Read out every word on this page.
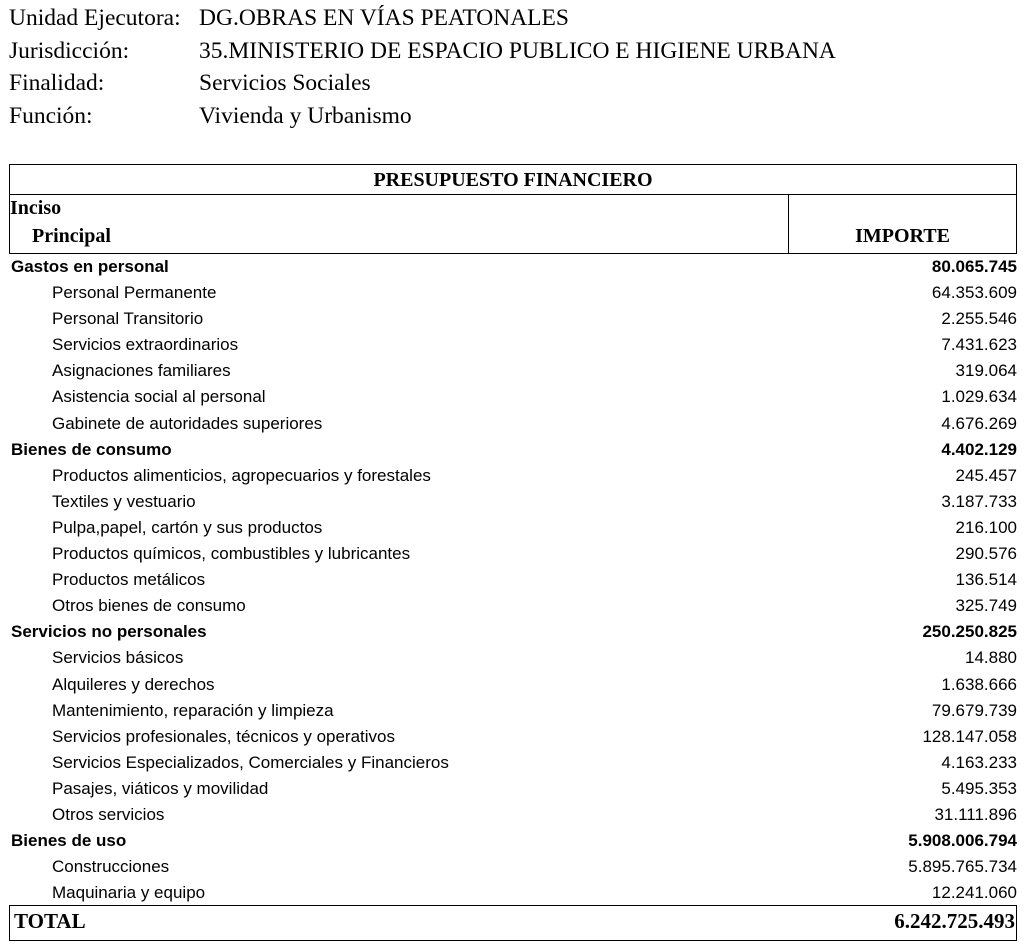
Unidad Ejecutora: DG.OBRAS EN VÍAS PEATONALES
Jurisdicción:	35.MINISTERIO DE ESPACIO PUBLICO E HIGIENE URBANA
Finalidad:	Servicios Sociales
Función:	Vivienda y Urbanismo
PRESUPUESTO FINANCIERO
Inciso
Principal	IMPORTE
Gastos en personal	80.065.745
Personal Permanente	64.353.609
Personal Transitorio	2.255.546
Servicios extraordinarios	7.431.623
Asignaciones familiares	319.064
Asistencia social al personal	1.029.634
Gabinete de autoridades superiores	4.676.269
Bienes de consumo	4.402.129
Productos alimenticios, agropecuarios y forestales	245.457
Textiles y vestuario	3.187.733
Pulpa,papel, cartón y sus productos	216.100
Productos químicos, combustibles y lubricantes	290.576
Productos metálicos	136.514
Otros bienes de consumo	325.749
Servicios no personales	250.250.825
Servicios básicos	14.880
Alquileres y derechos	1.638.666
Mantenimiento, reparación y limpieza	79.679.739
Servicios profesionales, técnicos y operativos	128.147.058
Servicios Especializados, Comerciales y Financieros	4.163.233
Pasajes, viáticos y movilidad	5.495.353
Otros servicios	31.111.896
Bienes de uso	5.908.006.794
Construcciones	5.895.765.734
Maquinaria y equipo	12.241.060
TOTAL	6.242.725.493
